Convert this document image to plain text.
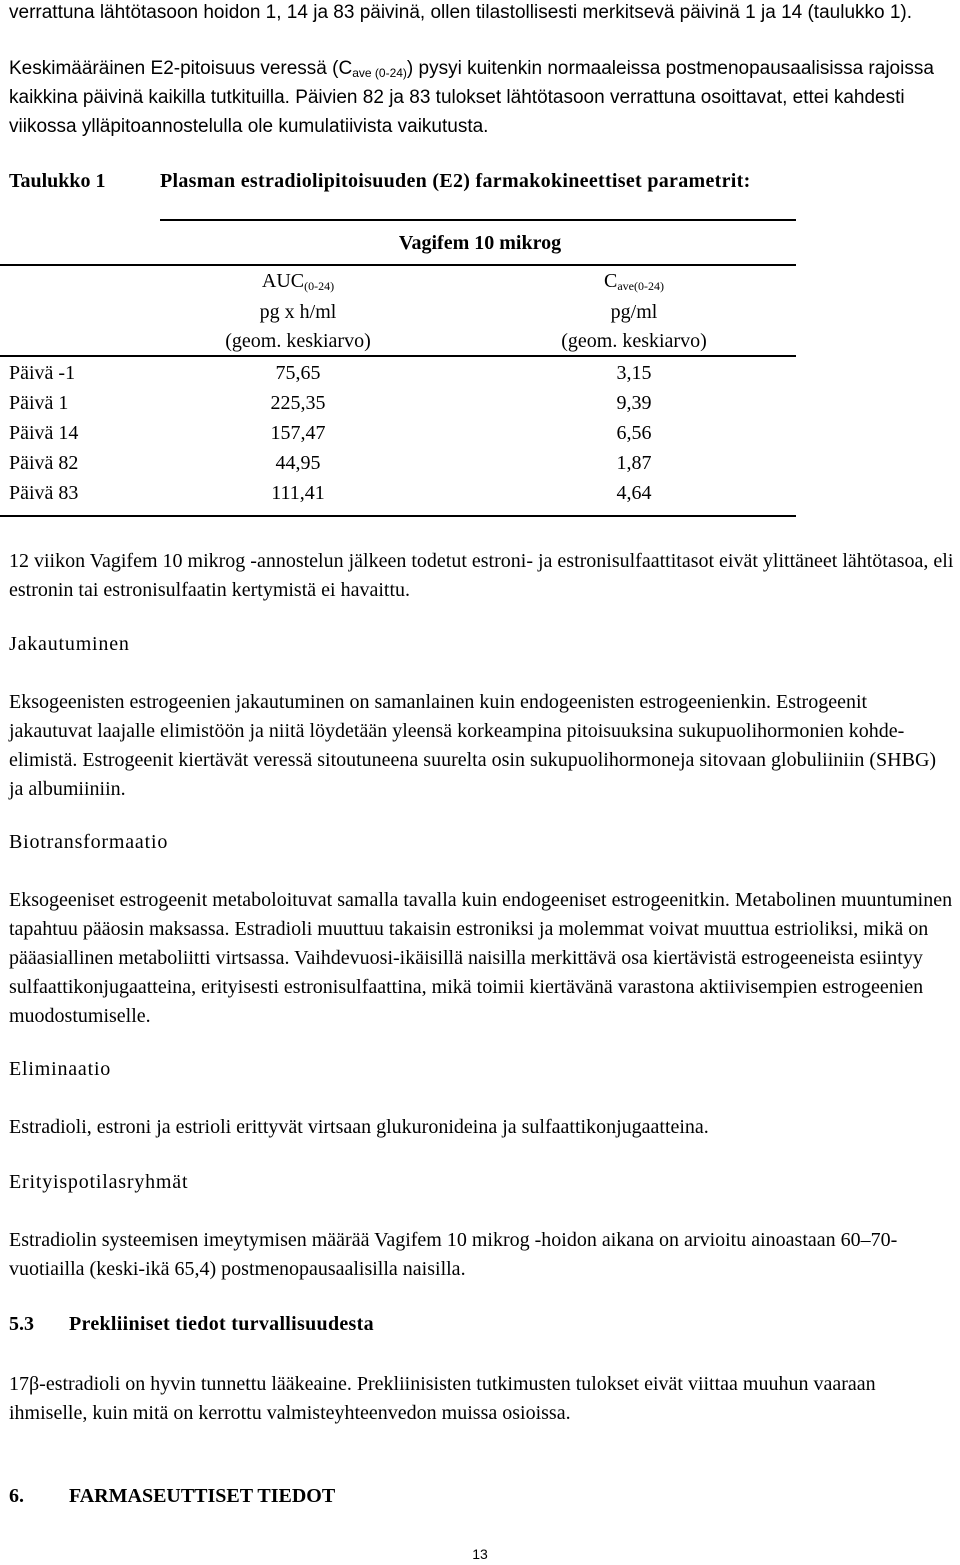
verrattuna lähtötasoon hoidon 1, 14 ja 83 päivinä, ollen tilastollisesti merkitsevä päivinä 1 ja 14 (taulukko 1).

Keskimääräinen E2-pitoisuus veressä $(C_{ave (0-24)})$ pysyi kuitenkin normaaleissa postmenopausaalisissa rajoissa kaikkina päivinä kaikilla tutkituilla. Päivien 82 ja 83 tulokset lähtötasoon verrattuna osoittavat, ettei kahdesti viikossa ylläpitoannostelulla ole kumulatiivista vaikutusta.

Taulukko 1	Plasman estradiolipitoisuuden (E2) farmakokineettiset parametrit:
Vagifem 10 mikrog
$AUC_{(0-24)}$
pg x h/ml
(geom. keskiarvo)
$C_{ave(0-24)}$
pg/ml
(geom. keskiarvo)
Päivä -1	75,65	3,15
Päivä 1	225,35	9,39
Päivä 14	157,47	6,56
Päivä 82	44,95	1,87
Päivä 83	111,41	4,64

12 viikon Vagifem 10 mikrog -annostelun jälkeen todetut estroni- ja estronisulfaattitasot eivät ylittäneet lähtötasoa, eli estronin tai estronisulfaatin kertymistä ei havaittu.

Jakautuminen

Eksogeenisten estrogeenien jakautuminen on samanlainen kuin endogeenisten estrogeenienkin. Estrogeenit jakautuvat laajalle elimistöön ja niitä löydetään yleensä korkeampina pitoisuuksina sukupuolihormonien kohde-elimistä. Estrogeenit kiertävät veressä sitoutuneena suurelta osin sukupuolihormoneja sitovaan globuliiniin (SHBG) ja albumiiniin.

Biotransformaatio

Eksogeeniset estrogeenit metaboloituvat samalla tavalla kuin endogeeniset estrogeenitkin. Metabolinen muuntuminen tapahtuu pääosin maksassa. Estradioli muuttuu takaisin estroniksi ja molemmat voivat muuttua estrioliksi, mikä on pääasiallinen metaboliitti virtsassa. Vaihdevuosi-ikäisillä naisilla merkittävä osa kiertävistä estrogeeneista esiintyy sulfaattikonjugaatteina, erityisesti estronisulfaattina, mikä toimii kiertävänä varastona aktiivisempien estrogeenien muodostumiselle.

Eliminaatio

Estradioli, estroni ja estrioli erittyvät virtsaan glukuronideina ja sulfaattikonjugaatteina.

Erityispotilasryhmät

Estradiolin systeemisen imeytymisen määrää Vagifem 10 mikrog -hoidon aikana on arvioitu ainoastaan 60–70-vuotiailla (keski-ikä 65,4) postmenopausaalisilla naisilla.

5.3 Prekliiniset tiedot turvallisuudesta

17β-estradioli on hyvin tunnettu lääkeaine. Prekliinisisten tutkimusten tulokset eivät viittaa muuhun vaaraan ihmiselle, kuin mitä on kerrottu valmisteyhteenvedon muissa osioissa.

6. FARMASEUTTISET TIEDOT
13
